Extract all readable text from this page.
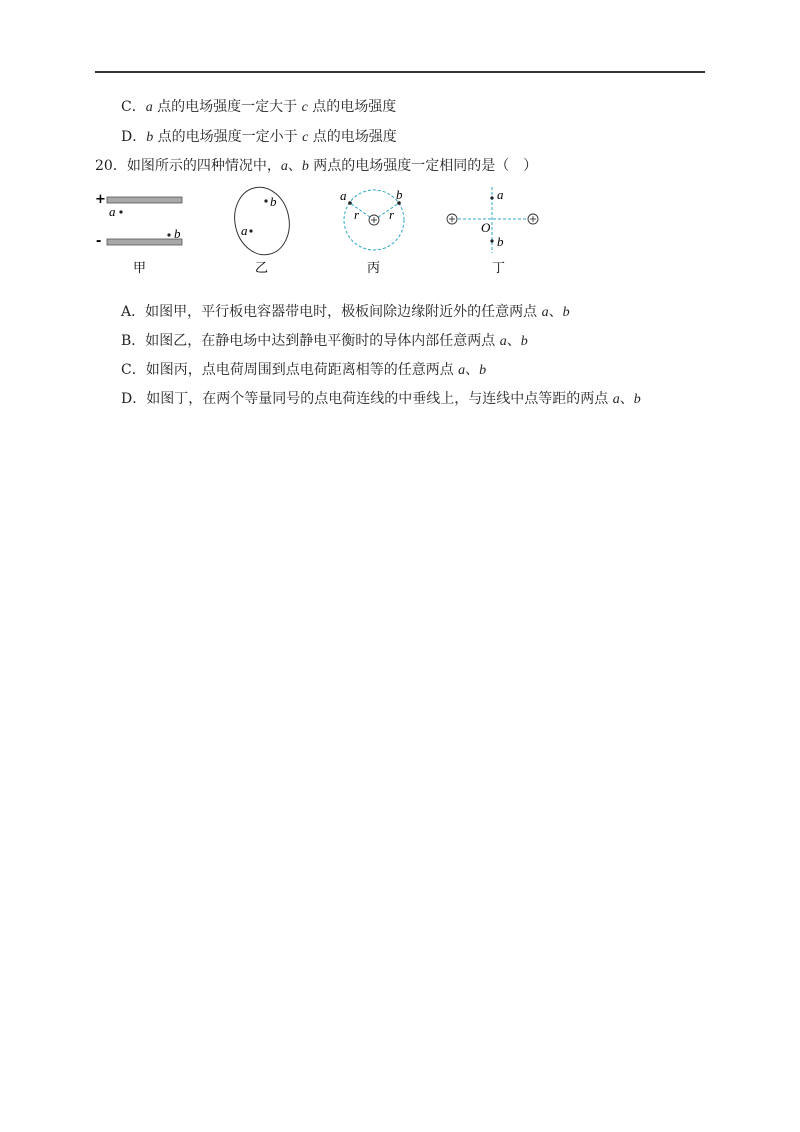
C．a 点的电场强度一定大于 c 点的电场强度
D．b 点的电场强度一定小于 c 点的电场强度
20．如图所示的四种情况中，a、b 两点的电场强度一定相同的是（　）
+
-
a
b
甲
b
a
乙
a	b
r r
丙
a
b
O
丁
A．如图甲，平行板电容器带电时，极板间除边缘附近外的任意两点 a、b
B．如图乙，在静电场中达到静电平衡时的导体内部任意两点 a、b
C．如图丙，点电荷周围到点电荷距离相等的任意两点 a、b
D．如图丁，在两个等量同号的点电荷连线的中垂线上，与连线中点等距的两点 a、b
